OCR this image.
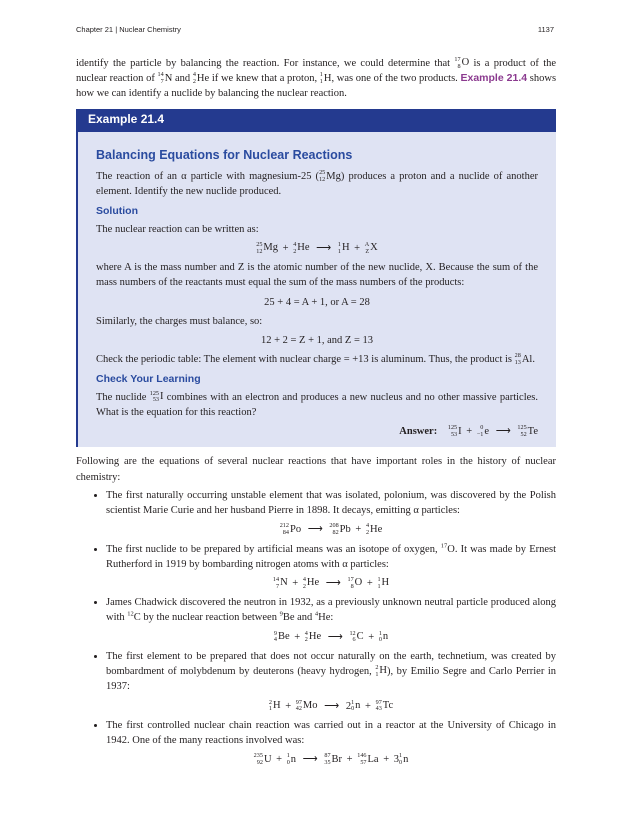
Chapter 21 | Nuclear Chemistry	1137

identify the particle by balancing the reaction. For instance, we could determine that 17
8 O is a product of the nuclear reaction of 14
7 N and 4
2 He if we knew that a proton, 1
1 H , was one of the two products. Example 21.4 shows how we can identify a nuclide by balancing the nuclear reaction.

Example 21.4
Balancing Equations for Nuclear Reactions

The reaction of an α particle with magnesium-25 ( 25
12 Mg ) produces a proton and a nuclide of another element. Identify the new nuclide produced.

Solution

The nuclear reaction can be written as:

25
12 Mg + 4
2 He ⟶ 1
1 H + A
Z X

where A is the mass number and Z is the atomic number of the new nuclide, X. Because the sum of the mass numbers of the reactants must equal the sum of the mass numbers of the products:

25 + 4 = A + 1, or A = 28

Similarly, the charges must balance, so:

12 + 2 = Z + 1, and Z = 13

Check the periodic table: The element with nuclear charge = +13 is aluminum. Thus, the product is 28
13 Al .

Check Your Learning

The nuclide 125
53 I combines with an electron and produces a new nucleus and no other massive particles. What is the equation for this reaction?

Answer: 125
53 I + 0
−1 e ⟶ 125
52 Te

Following are the equations of several nuclear reactions that have important roles in the history of nuclear chemistry:

• The first naturally occurring unstable element that was isolated, polonium, was discovered by the Polish scientist Marie Curie and her husband Pierre in 1898. It decays, emitting α particles:

212
84 Po ⟶ 208
82 Pb + 4
2 He

• The first nuclide to be prepared by artificial means was an isotope of oxygen, $^{17}$O. It was made by Ernest Rutherford in 1919 by bombarding nitrogen atoms with α particles:

14
7 N + 4
2 He ⟶ 17
8 O + 1
1 H

• James Chadwick discovered the neutron in 1932, as a previously unknown neutral particle produced along with $^{12}$C by the nuclear reaction between $^9$Be and $^4$He:

9
4 Be + 4
2 He ⟶ 12
6 C + 1
0 n

• The first element to be prepared that does not occur naturally on the earth, technetium, was created by bombardment of molybdenum by deuterons (heavy hydrogen, 2
1 H ), by Emilio Segre and Carlo Perrier in 1937:

2
1 H + 97
42 Mo ⟶ 2 1
0 n + 97
43 Tc

• The first controlled nuclear chain reaction was carried out in a reactor at the University of Chicago in 1942. One of the many reactions involved was:

235
92 U + 1
0 n ⟶ 87
35 Br + 146
57 La + 3 1
0 n
